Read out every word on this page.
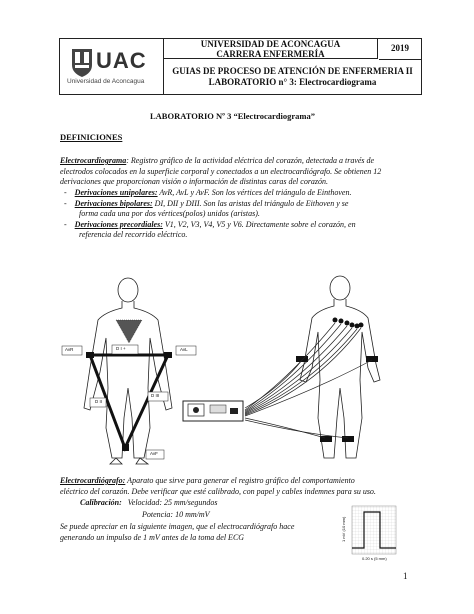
UAC
Universidad de Aconcagua
UNIVERSIDAD DE ACONCAGUA
CARRERA ENFERMERÍA
2019
GUIAS DE PROCESO DE ATENCIÓN DE ENFERMERIA II
LABORATORIO n° 3: Electrocardiograma
LABORATORIO Nº 3 “Electrocardiograma”
DEFINICIONES
Electrocardiograma: Registro gráfico de la actividad eléctrica del corazón, detectada a través de
electrodos colocados en la superficie corporal y conectados a un electrocardiógrafo. Se obtienen 12
derivaciones que proporcionan visión o información de distintas caras del corazón.
-    Derivaciones unipolares: AvR, AvL y AvF. Son los vértices del triángulo de Einthoven.
-    Derivaciones bipolares: DI, DII y DIII. Son las aristas del triángulo de Eithoven y se
forma cada una por dos vértices(polos) unidos (aristas).
-    Derivaciones precordiales: V1, V2, V3, V4, V5 y V6. Directamente sobre el corazón, en
referencia del recorrido eléctrico.
AvR	D I +	AvL
D II
D III
AvF
Electrocardiógrafo: Aparato que sirve para generar el registro gráfico del comportamiento
eléctrico del corazón. Debe verificar que esté calibrado, con papel y cables indemnes para su uso.
Calibración: Velocidad: 25 mm/segundos
Potencia: 10 mm/mV
Se puede apreciar en la siguiente imagen, que el electrocardiógrafo hace
generando un impulso de 1 mV antes de la toma del ECG	1 mV (10 mm)
0.20 s (5 mm)
1
